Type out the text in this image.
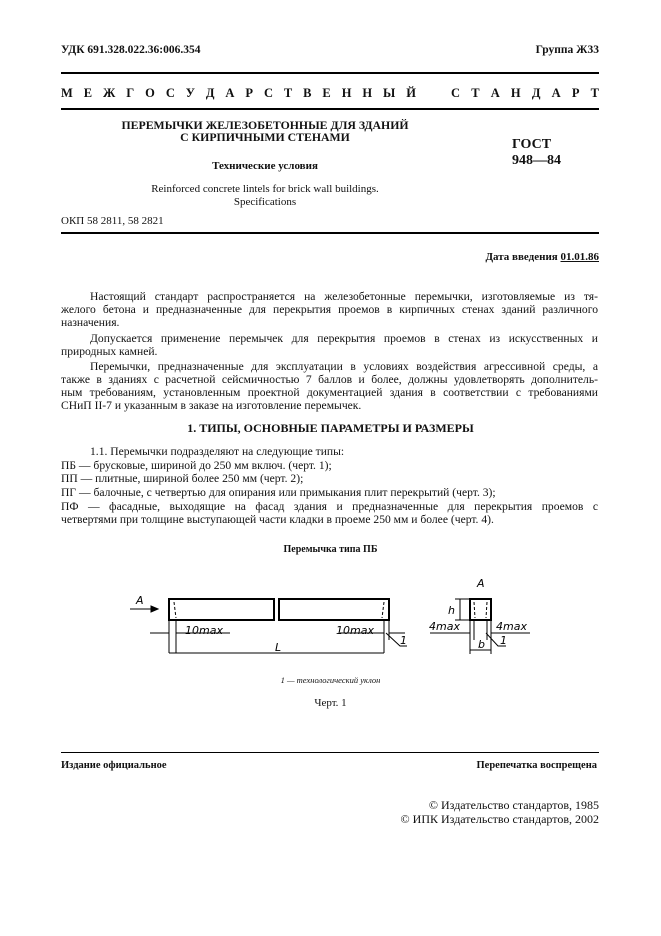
УДК 691.328.022.36:006.354	Группа Ж33
М Е Ж Г О С У Д А Р С Т В Е Н Н Ы Й	С Т А Н Д А Р Т
ПЕРЕМЫЧКИ ЖЕЛЕЗОБЕТОННЫЕ ДЛЯ ЗДАНИЙ
С КИРПИЧНЫМИ СТЕНАМИ
Технические условия
Reinforced concrete lintels for brick wall buildings.
Specifications
ГОСТ
948—84
ОКП 58 2811, 58 2821
Дата введения 01.01.86
Настоящий стандарт распространяется на железобетонные перемычки, изготовляемые из тя-
желого бетона и предназначенные для перекрытия проемов в кирпичных стенах зданий различного
назначения.
Допускается применение перемычек для перекрытия проемов в стенах из искусственных и
природных камней.
Перемычки, предназначенные для эксплуатации в условиях воздействия агрессивной среды, а
также в зданиях с расчетной сейсмичностью 7 баллов и более, должны удовлетворять дополнитель-
ным требованиям, установленным проектной документацией здания в соответствии с требованиями
СНиП II-7 и указанным в заказе на изготовление перемычек.
1. ТИПЫ, ОСНОВНЫЕ ПАРАМЕТРЫ И РАЗМЕРЫ
1.1. Перемычки подразделяют на следующие типы:
ПБ — брусковые, шириной до 250 мм включ. (черт. 1);
ПП — плитные, шириной более 250 мм (черт. 2);
ПГ — балочные, с четвертью для опирания или примыкания плит перекрытий (черт. 3);
ПФ — фасадные, выходящие на фасад здания и предназначенные для перекрытия проемов с
четвертями при толщине выступающей части кладки в проеме 250 мм и более (черт. 4).
Перемычка типа ПБ
A
A
10max	10max
L
h
4max	4max
b
1	1
1 — технологический уклон
Черт. 1
Издание официальное	Перепечатка воспрещена
© Издательство стандартов, 1985
© ИПК Издательство стандартов, 2002
